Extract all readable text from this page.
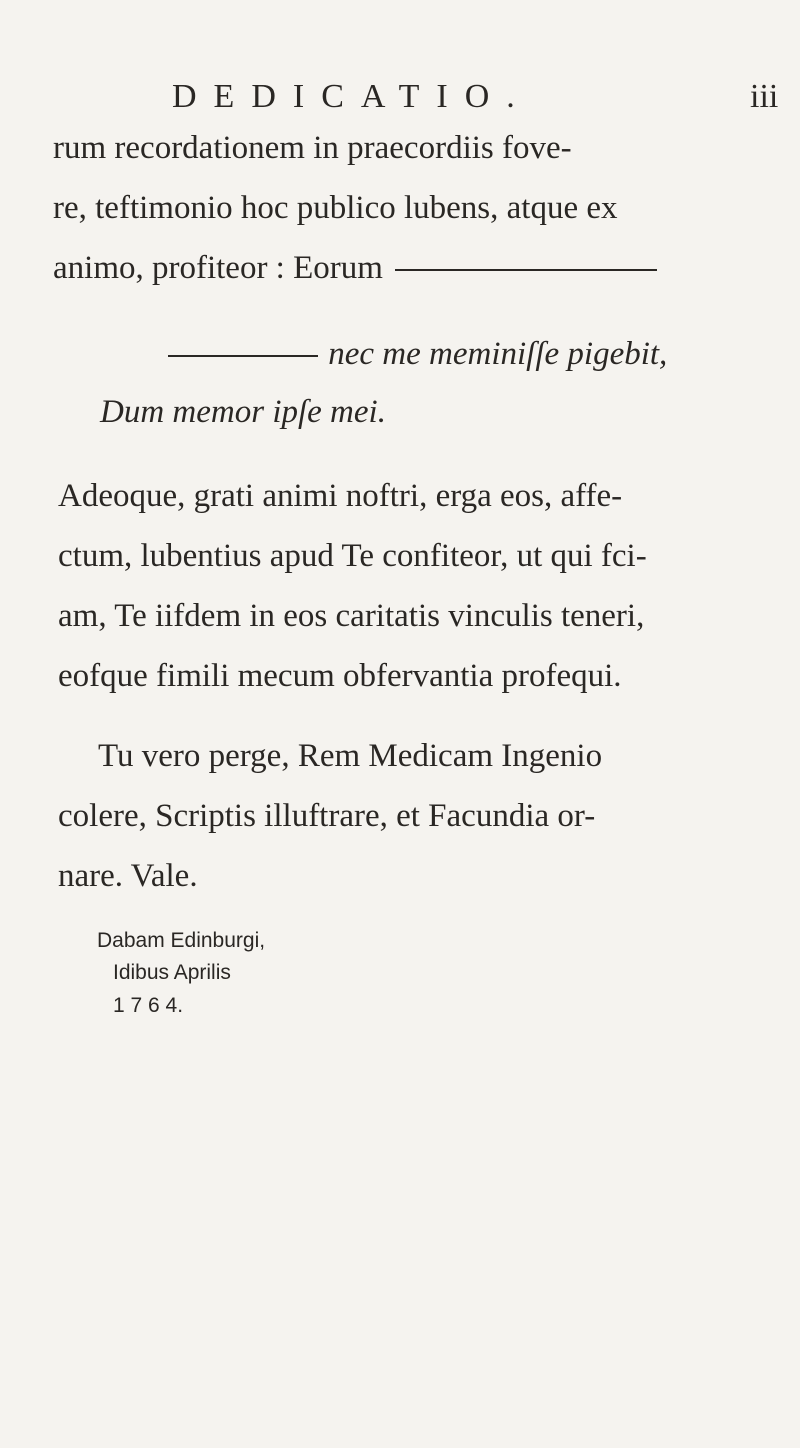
DEDICATIO.	iii
rum recordationem in praecordiis fove-
re, teftimonio hoc publico lubens, atque ex
animo, profiteor : Eorum
nec me meminiſſe pigebit,
Dum memor ipſe mei.
Adeoque, grati animi noftri, erga eos, affe-
ctum, lubentius apud Te confiteor, ut qui fci-
am, Te iifdem in eos caritatis vinculis teneri,
eofque fimili mecum obfervantia profequi.
Tu vero perge, Rem Medicam Ingenio
colere, Scriptis illuftrare, et Facundia or-
nare. Vale.
Dabam Edinburgi,
Idibus Aprilis
1 7 6 4.
